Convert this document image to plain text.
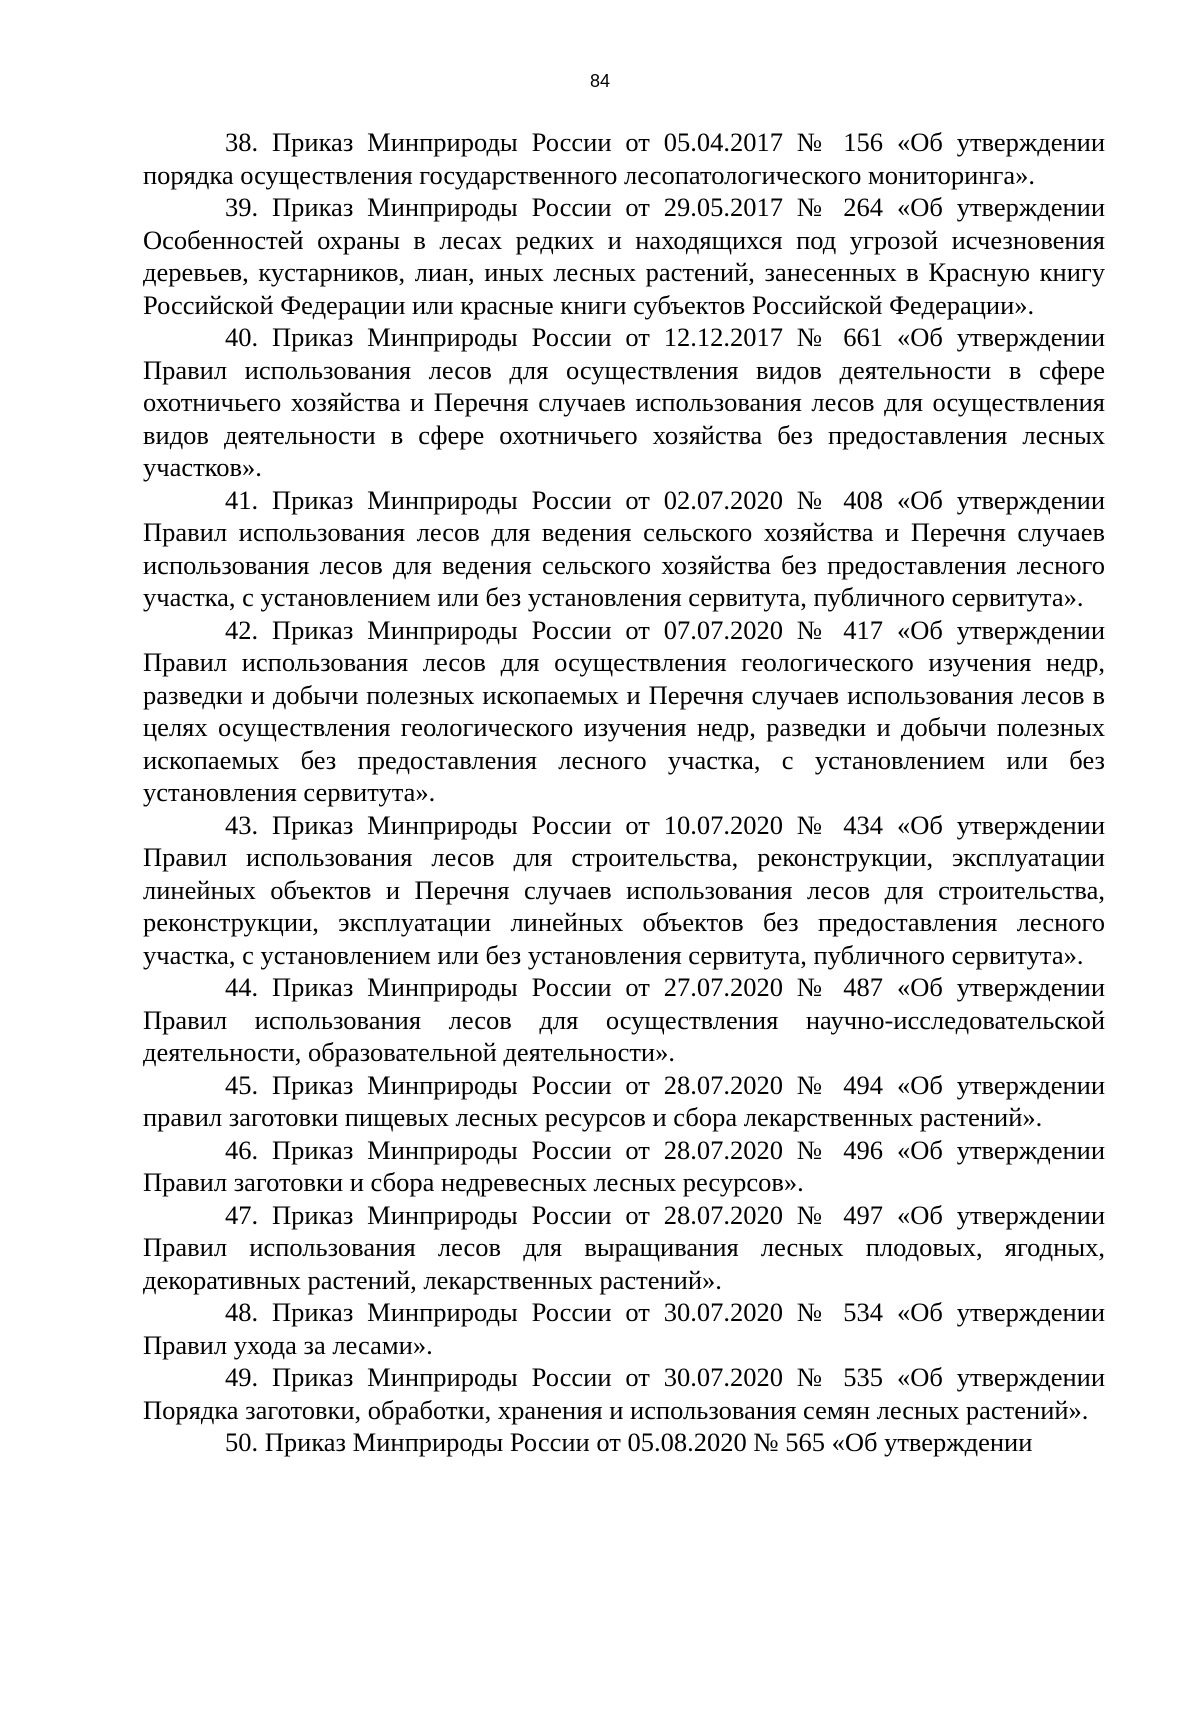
84

38. Приказ Минприроды России от 05.04.2017 № 156 «Об утверждении порядка осуществления государственного лесопатологического мониторинга».

39. Приказ Минприроды России от 29.05.2017 № 264 «Об утверждении Особенностей охраны в лесах редких и находящихся под угрозой исчезновения деревьев, кустарников, лиан, иных лесных растений, занесенных в Красную книгу Российской Федерации или красные книги субъектов Российской Федерации».

40. Приказ Минприроды России от 12.12.2017 № 661 «Об утверждении Правил использования лесов для осуществления видов деятельности в сфере охотничьего хозяйства и Перечня случаев использования лесов для осуществления видов деятельности в сфере охотничьего хозяйства без предоставления лесных участков».

41. Приказ Минприроды России от 02.07.2020 № 408 «Об утверждении Правил использования лесов для ведения сельского хозяйства и Перечня случаев использования лесов для ведения сельского хозяйства без предоставления лесного участка, с установлением или без установления сервитута, публичного сервитута».

42. Приказ Минприроды России от 07.07.2020 № 417 «Об утверждении Правил использования лесов для осуществления геологического изучения недр, разведки и добычи полезных ископаемых и Перечня случаев использования лесов в целях осуществления геологического изучения недр, разведки и добычи полезных ископаемых без предоставления лесного участка, с установлением или без установления сервитута».

43. Приказ Минприроды России от 10.07.2020 № 434 «Об утверждении Правил использования лесов для строительства, реконструкции, эксплуатации линейных объектов и Перечня случаев использования лесов для строительства, реконструкции, эксплуатации линейных объектов без предоставления лесного участка, с установлением или без установления сервитута, публичного сервитута».

44. Приказ Минприроды России от 27.07.2020 № 487 «Об утверждении Правил использования лесов для осуществления научно-исследовательской деятельности, образовательной деятельности».

45. Приказ Минприроды России от 28.07.2020 № 494 «Об утверждении правил заготовки пищевых лесных ресурсов и сбора лекарственных растений».

46. Приказ Минприроды России от 28.07.2020 № 496 «Об утверждении Правил заготовки и сбора недревесных лесных ресурсов».

47. Приказ Минприроды России от 28.07.2020 № 497 «Об утверждении Правил использования лесов для выращивания лесных плодовых, ягодных, декоративных растений, лекарственных растений».

48. Приказ Минприроды России от 30.07.2020 № 534 «Об утверждении Правил ухода за лесами».

49. Приказ Минприроды России от 30.07.2020 № 535 «Об утверждении Порядка заготовки, обработки, хранения и использования семян лесных растений».

50. Приказ Минприроды России от 05.08.2020 № 565 «Об утверждении
